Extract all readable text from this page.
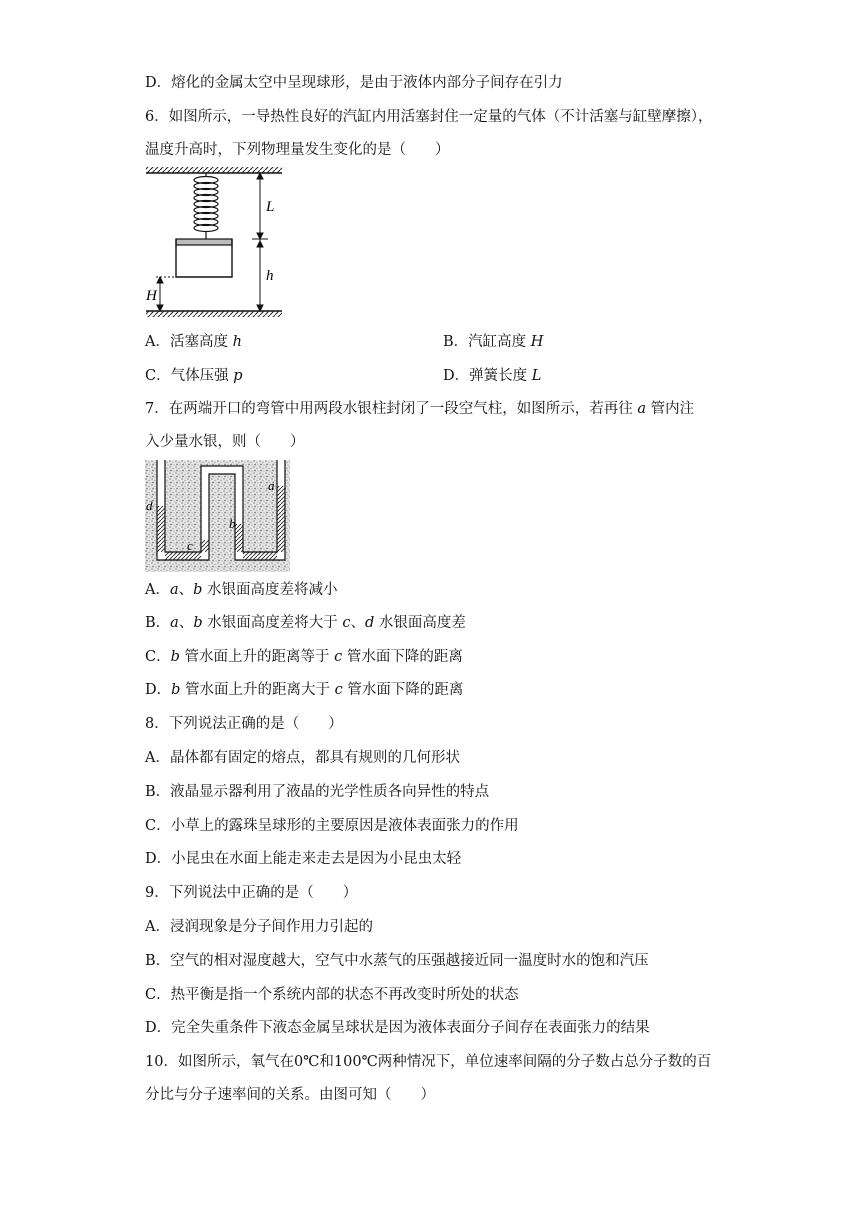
D．熔化的金属太空中呈现球形，是由于液体内部分子间存在引力
6．如图所示，一导热性良好的汽缸内用活塞封住一定量的气体（不计活塞与缸壁摩擦），
温度升高时，下列物理量发生变化的是（　　）
L
h
H
A．活塞高度 h	B．汽缸高度 H
C．气体压强 p	D．弹簧长度 L
7．在两端开口的弯管中用两段水银柱封闭了一段空气柱，如图所示，若再往 a 管内注
入少量水银，则（　　）
d
c
b
a
A．a、b 水银面高度差将减小
B．a、b 水银面高度差将大于 c、d 水银面高度差
C．b 管水面上升的距离等于 c 管水面下降的距离
D．b 管水面上升的距离大于 c 管水面下降的距离
8．下列说法正确的是（　　）
A．晶体都有固定的熔点，都具有规则的几何形状
B．液晶显示器利用了液晶的光学性质各向异性的特点
C．小草上的露珠呈球形的主要原因是液体表面张力的作用
D．小昆虫在水面上能走来走去是因为小昆虫太轻
9．下列说法中正确的是（　　）
A．浸润现象是分子间作用力引起的
B．空气的相对湿度越大，空气中水蒸气的压强越接近同一温度时水的饱和汽压
C．热平衡是指一个系统内部的状态不再改变时所处的状态
D．完全失重条件下液态金属呈球状是因为液体表面分子间存在表面张力的结果
10．如图所示，氧气在0℃和100℃两种情况下，单位速率间隔的分子数占总分子数的百
分比与分子速率间的关系。由图可知（　　）
